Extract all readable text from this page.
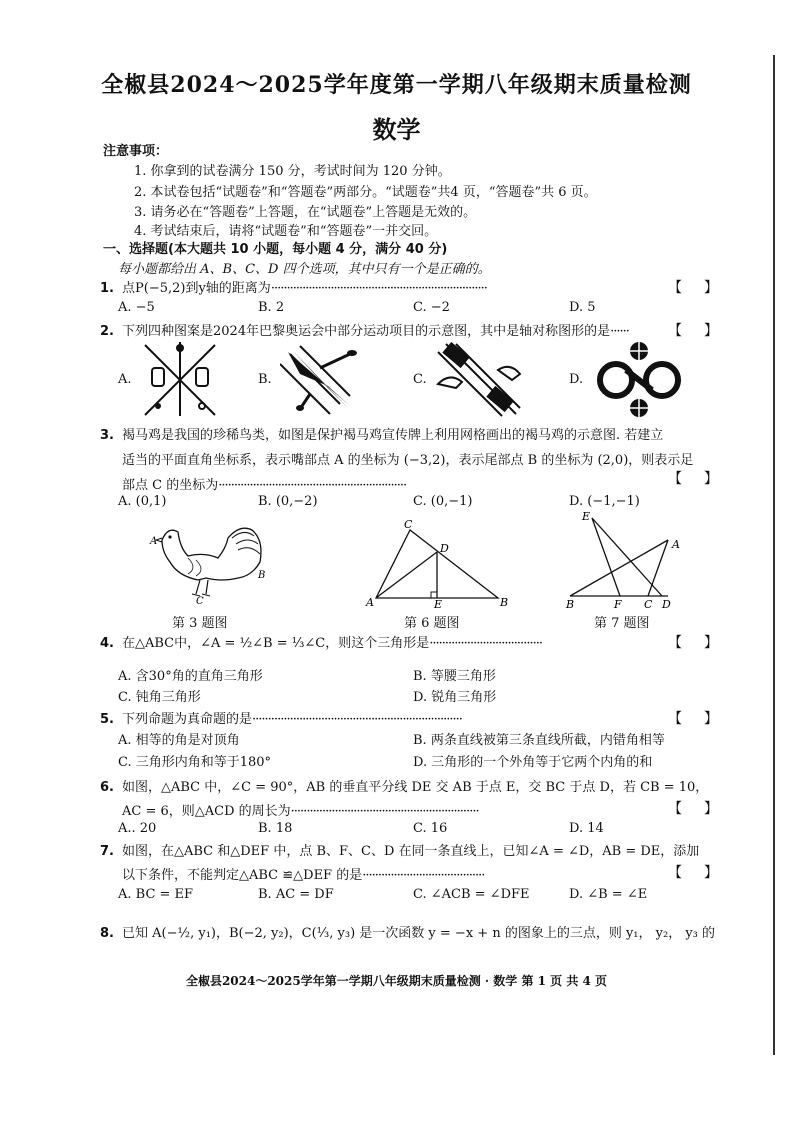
全椒县2024～2025学年度第一学期八年级期末质量检测
数学
注意事项：
1. 你拿到的试卷满分 150 分，考试时间为 120 分钟。
2. 本试卷包括“试题卷”和“答题卷”两部分。“试题卷”共4 页，“答题卷”共 6 页。
3. 请务必在“答题卷”上答题，在“试题卷”上答题是无效的。
4. 考试结束后，请将“试题卷”和“答题卷”一并交回。
一、选择题(本大题共 10 小题，每小题 4 分，满分 40 分)
每小题都给出 A、B、C、D 四个选项，其中只有一个是正确的。
1. 点P(−5,2)到y轴的距离为·····································································	【】
A. −5	B. 2	C. −2	D. 5
2. 下列四种图案是2024年巴黎奥运会中部分运动项目的示意图，其中是轴对称图形的是······	【】
A.	B.	C.	D.
3. 褐马鸡是我国的珍稀鸟类，如图是保护褐马鸡宣传牌上利用网格画出的褐马鸡的示意图. 若建立
适当的平面直角坐标系，表示嘴部点 A 的坐标为 (−3,2)，表示尾部点 B 的坐标为 (2,0)，则表示足
部点 C 的坐标为····························································	【】
A. (0,1)	B. (0,−2)	C. (0,−1)	D. (−1,−1)
A
B
C
第 3 题图
A	B
C
D
E
第 6 题图
E
A
B	F C D
第 7 题图
4. 在△ABC中，∠A = ½∠B = ⅓∠C，则这个三角形是····································	【】
A. 含30°角的直角三角形	B. 等腰三角形
C. 钝角三角形	D. 锐角三角形
5. 下列命题为真命题的是···································································	【】
A. 相等的角是对顶角	B. 两条直线被第三条直线所截，内错角相等
C. 三角形内角和等于180°	D. 三角形的一个外角等于它两个内角的和
6. 如图，△ABC 中，∠C = 90°，AB 的垂直平分线 DE 交 AB 于点 E，交 BC 于点 D，若 CB = 10，
AC = 6，则△ACD 的周长为····························································	【】
A.. 20	B. 18	C. 16	D. 14
7. 如图，在△ABC 和△DEF 中，点 B、F、C、D 在同一条直线上，已知∠A = ∠D，AB = DE，添加
以下条件，不能判定△ABC ≌△DEF 的是·······································	【】
A. BC = EF	B. AC = DF	C. ∠ACB = ∠DFE	D. ∠B = ∠E
8. 已知 A(−½, y₁)，B(−2, y₂)，C(⅓, y₃) 是一次函数 y = −x + n 的图象上的三点，则 y₁， y₂， y₃ 的
全椒县2024～2025学年第一学期八年级期末质量检测 · 数学 第 1 页 共 4 页
